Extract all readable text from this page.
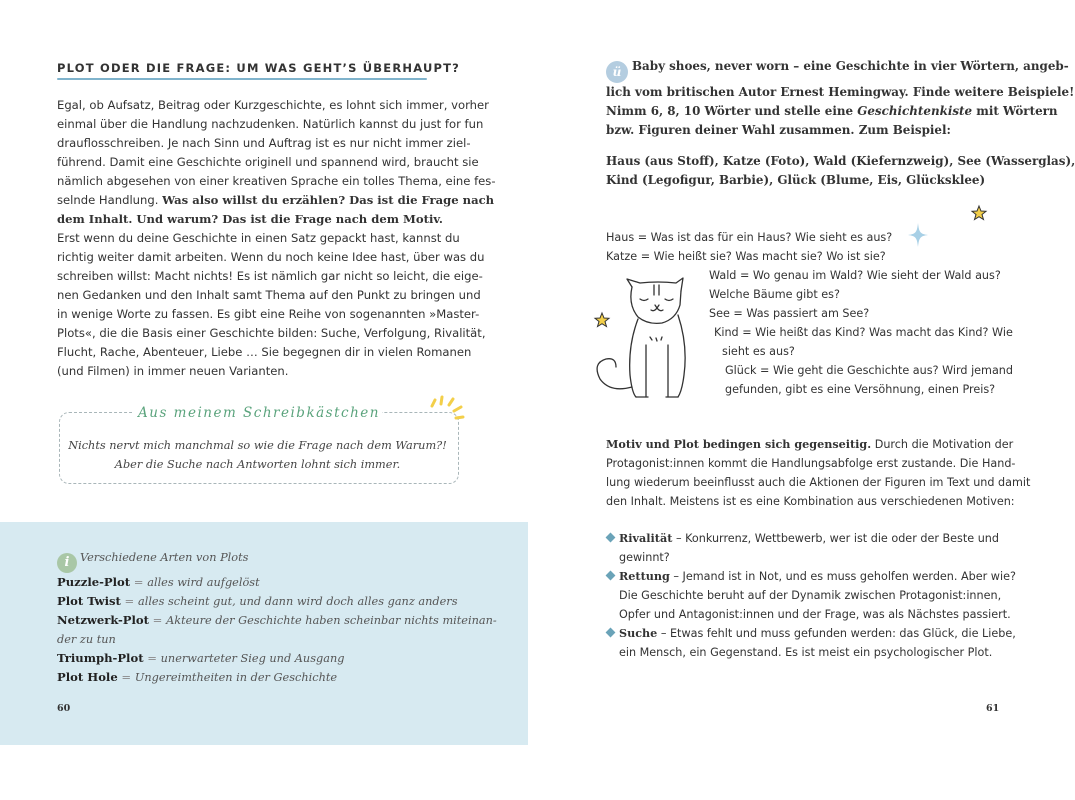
PLOT ODER DIE FRAGE: UM WAS GEHT’S ÜBERHAUPT?

Egal, ob Aufsatz, Beitrag oder Kurzgeschichte, es lohnt sich immer, vorher

einmal über die Handlung nachzudenken. Natürlich kannst du just for fun

drauflosschreiben. Je nach Sinn und Auftrag ist es nur nicht immer ziel-

führend. Damit eine Geschichte originell und spannend wird, braucht sie

nämlich abgesehen von einer kreativen Sprache ein tolles Thema, eine fes-

selnde Handlung. Was also willst du erzählen? Das ist die Frage nach

dem Inhalt. Und warum? Das ist die Frage nach dem Motiv.

Erst wenn du deine Geschichte in einen Satz gepackt hast, kannst du

richtig weiter damit arbeiten. Wenn du noch keine Idee hast, über was du

schreiben willst: Macht nichts! Es ist nämlich gar nicht so leicht, die eige-

nen Gedanken und den Inhalt samt Thema auf den Punkt zu bringen und

in wenige Worte zu fassen. Es gibt eine Reihe von sogenannten »Master-

Plots«, die die Basis einer Geschichte bilden: Suche, Verfolgung, Rivalität,

Flucht, Rache, Abenteuer, Liebe … Sie begegnen dir in vielen Romanen

(und Filmen) in immer neuen Varianten.

Aus meinem Schreibkästchen
Nichts nervt mich manchmal so wie die Frage nach dem Warum?!
Aber die Suche nach Antworten lohnt sich immer.
i Verschiedene Arten von Plots
Puzzle-Plot = alles wird aufgelöst
Plot Twist = alles scheint gut, und dann wird doch alles ganz anders
Netzwerk-Plot = Akteure der Geschichte haben scheinbar nichts miteinan-
der zu tun
Triumph-Plot = unerwarteter Sieg und Ausgang
Plot Hole = Ungereimtheiten in der Geschichte
60
ü Baby shoes, never worn – eine Geschichte in vier Wörtern, angeb-
lich vom britischen Autor Ernest Hemingway. Finde weitere Beispiele!
Nimm 6, 8, 10 Wörter und stelle eine Geschichtenkiste mit Wörtern
bzw. Figuren deiner Wahl zusammen. Zum Beispiel:
Haus (aus Stoff), Katze (Foto), Wald (Kiefernzweig), See (Wasserglas),
Kind (Legofigur, Barbie), Glück (Blume, Eis, Glücksklee)
Haus = Was ist das für ein Haus? Wie sieht es aus?
Katze = Wie heißt sie? Was macht sie? Wo ist sie?
Wald = Wo genau im Wald? Wie sieht der Wald aus?
Welche Bäume gibt es?
See = Was passiert am See?
Kind = Wie heißt das Kind? Was macht das Kind? Wie
sieht es aus?
Glück = Wie geht die Geschichte aus? Wird jemand
gefunden, gibt es eine Versöhnung, einen Preis?
Motiv und Plot bedingen sich gegenseitig. Durch die Motivation der
Protagonist:innen kommt die Handlungsabfolge erst zustande. Die Hand-
lung wiederum beeinflusst auch die Aktionen der Figuren im Text und damit
den Inhalt. Meistens ist es eine Kombination aus verschiedenen Motiven:
Rivalität – Konkurrenz, Wettbewerb, wer ist die oder der Beste und
gewinnt?
Rettung – Jemand ist in Not, und es muss geholfen werden. Aber wie?
Die Geschichte beruht auf der Dynamik zwischen Protagonist:innen,
Opfer und Antagonist:innen und der Frage, was als Nächstes passiert.
Suche – Etwas fehlt und muss gefunden werden: das Glück, die Liebe,
ein Mensch, ein Gegenstand. Es ist meist ein psychologischer Plot.
61
